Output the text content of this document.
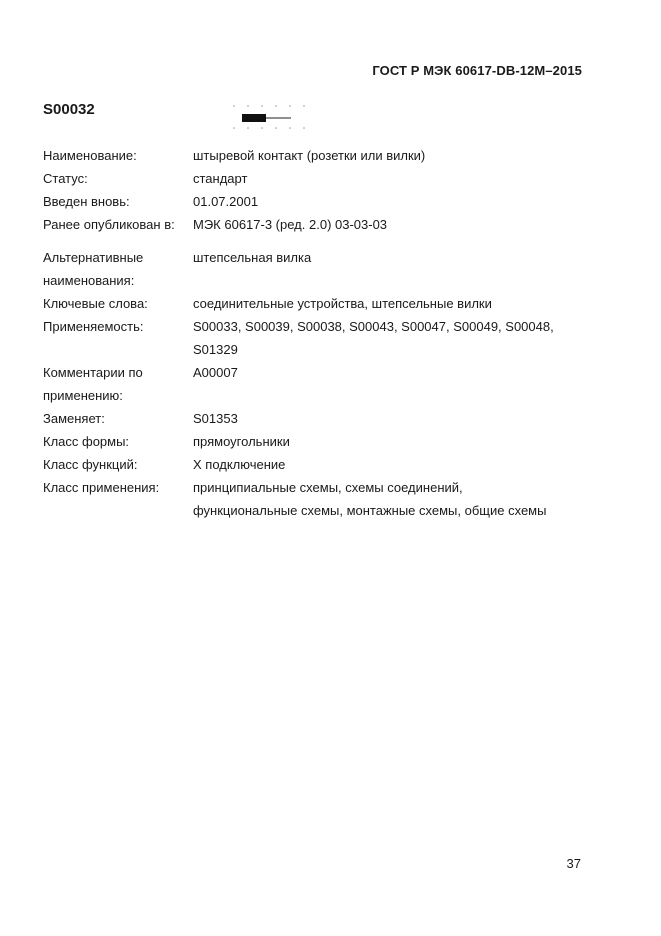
ГОСТ Р МЭК 60617-DB-12M–2015
S00032
Наименование:	штыревой контакт (розетки или вилки)
Статус:	стандарт
Введен вновь:	01.07.2001
Ранее опубликован в:	МЭК 60617-3 (ред. 2.0) 03-03-03
Альтернативные наименования:
штепсельная вилка
Ключевые слова:	соединительные устройства, штепсельные вилки
Применяемость:	S00033, S00039, S00038, S00043, S00047, S00049, S00048, S01329
Комментарии по применению:
A00007
Заменяет:	S01353
Класс формы:	прямоугольники
Класс функций:	X подключение
Класс применения:	принципиальные схемы, схемы соединений, функциональные схемы, монтажные схемы, общие схемы
37
